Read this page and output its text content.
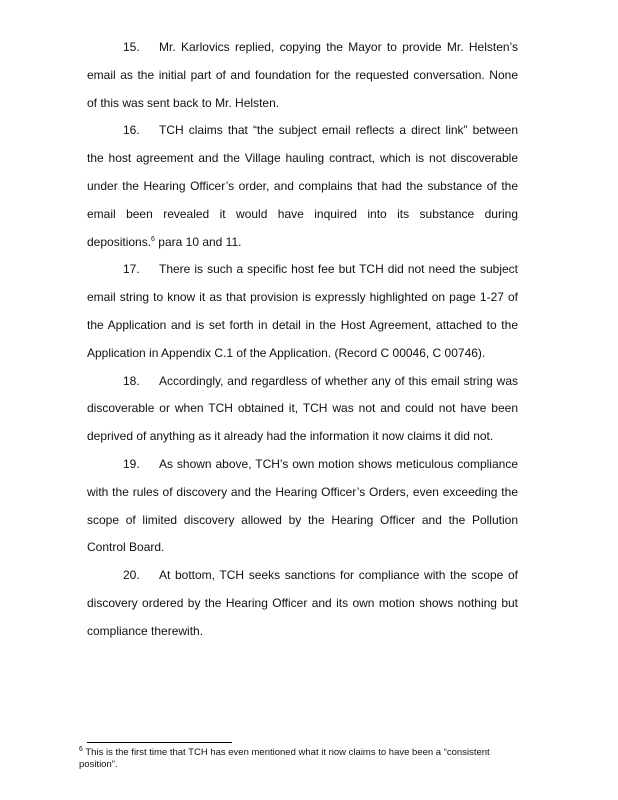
15. Mr. Karlovics replied, copying the Mayor to provide Mr. Helsten’s
email as the initial part of and foundation for the requested conversation. None
of this was sent back to Mr. Helsten.
16. TCH claims that “the subject email reflects a direct link” between
the host agreement and the Village hauling contract, which is not discoverable
under the Hearing Officer’s order, and complains that had the substance of the
email been revealed it would have inquired into its substance during
depositions.$^6$ para 10 and 11.
17. There is such a specific host fee but TCH did not need the subject
email string to know it as that provision is expressly highlighted on page 1-27 of
the Application and is set forth in detail in the Host Agreement, attached to the
Application in Appendix C.1 of the Application. (Record C 00046, C 00746).
18. Accordingly, and regardless of whether any of this email string was
discoverable or when TCH obtained it, TCH was not and could not have been
deprived of anything as it already had the information it now claims it did not.
19. As shown above, TCH’s own motion shows meticulous compliance
with the rules of discovery and the Hearing Officer’s Orders, even exceeding the
scope of limited discovery allowed by the Hearing Officer and the Pollution
Control Board.
20. At bottom, TCH seeks sanctions for compliance with the scope of
discovery ordered by the Hearing Officer and its own motion shows nothing but
compliance therewith.
$^6$ This is the first time that TCH has even mentioned what it now claims to have been a “consistent position”.
